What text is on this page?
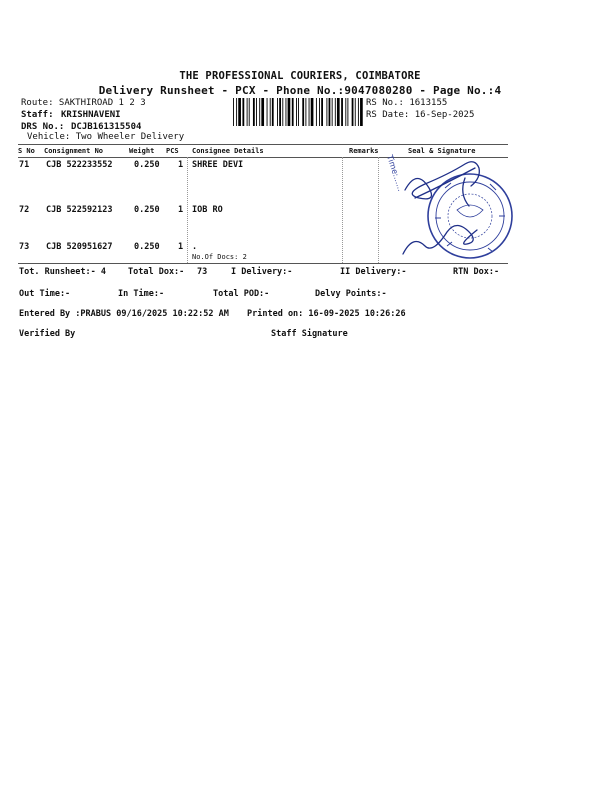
THE PROFESSIONAL COURIERS, COIMBATORE
Delivery Runsheet - PCX - Phone No.:9047080280 - Page No.:4
Route: SAKTHIROAD 1 2 3
Staff: KRISHNAVENI
DRS No.: DCJB161315504
Vehicle: Two Wheeler Delivery
RS No.: 1613155
RS Date: 16-Sep-2025
S No Consignment No	Weight PCS Consignee Details	Remarks	Seal & Signature
71 CJB 522233552	0.250 1 SHREE DEVI
72 CJB 522592123	0.250 1 IOB RO
73 CJB 520951627	0.250 1 .
No.Of Docs: 2
Time:......
Tot. Runsheet:- 4	Total Dox:- 73	I Delivery:-	II Delivery:-	RTN Dox:-
Out Time:-	In Time:-	Total POD:-	Delvy Points:-
Entered By :PRABUS 09/16/2025 10:22:52 AM Printed on: 16-09-2025 10:26:26
Verified By	Staff Signature
